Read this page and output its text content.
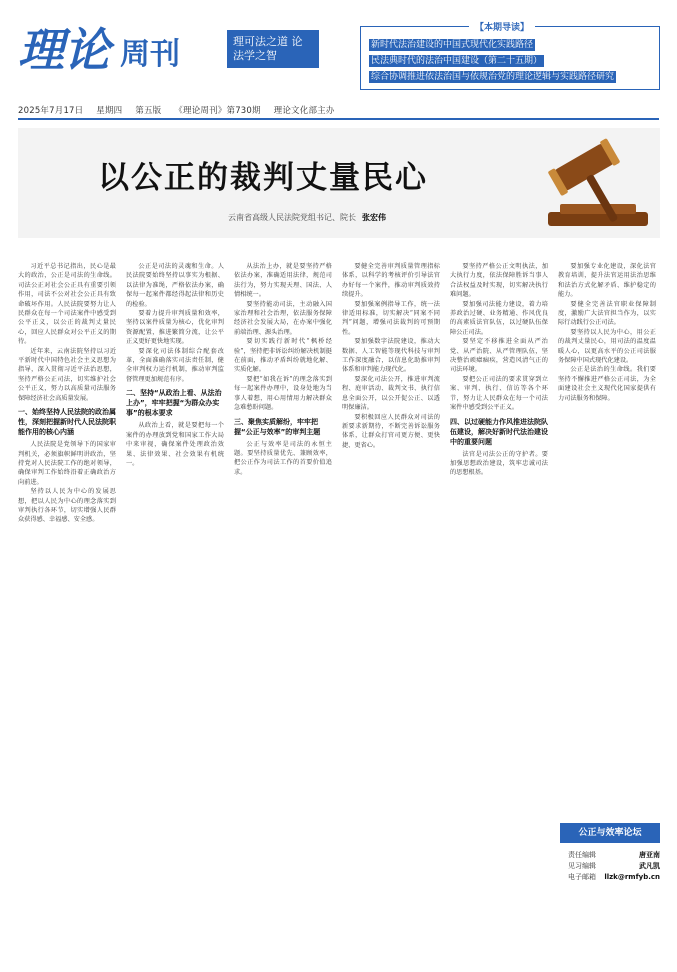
理论 周刊	理可法之道 论法学之智
【本期导读】
新时代法治建设的中国式现代化实践路径
民法典时代的法治中国建设（第二十五期）
综合协调推进依法治国与依规治党的理论逻辑与实践路径研究
2025年7月17日 星期四 第五版 《理论周刊》第730期 理论文化部主办
以公正的裁判丈量民心
云南省高级人民法院党组书记、院长 张宏伟

习近平总书记指出，民心是最大的政治，公正是司法的生命线。司法公正对社会公正具有重要引领作用，司法不公对社会公正具有致命破坏作用。人民法院要努力让人民群众在每一个司法案件中感受到公平正义，以公正的裁判丈量民心，回应人民群众对公平正义的期待。

近年来，云南法院坚持以习近平新时代中国特色社会主义思想为指导，深入贯彻习近平法治思想，坚持严格公正司法，切实维护社会公平正义，努力以高质量司法服务保障经济社会高质量发展。

一、始终坚持人民法院的政治属性，深刻把握新时代人民法院职能作用的核心内涵

人民法院是党领导下的国家审判机关，必须旗帜鲜明讲政治，坚持党对人民法院工作的绝对领导，确保审判工作始终沿着正确政治方向前进。

坚持以人民为中心的发展思想，把以人民为中心的理念落实到审判执行各环节，切实增强人民群众获得感、幸福感、安全感。

公正是司法的灵魂和生命。人民法院要始终坚持以事实为根据、以法律为准绳，严格依法办案，确保每一起案件都经得起法律和历史的检验。

要着力提升审判质量和效率，坚持以案件质量为核心，优化审判资源配置，推进繁简分流，让公平正义更好更快地实现。

要深化司法体制综合配套改革，全面准确落实司法责任制，健全审判权力运行机制，推动审判监督管理更加规范有序。

二、坚持“从政治上看、从法治上办”，牢牢把握“为群众办实事”的根本要求

从政治上看，就是要把每一个案件的办理放到党和国家工作大局中来审视，确保案件处理政治效果、法律效果、社会效果有机统一。

从法治上办，就是要坚持严格依法办案，准确适用法律，规范司法行为，努力实现天理、国法、人情相统一。

要坚持能动司法，主动融入国家治理和社会治理，依法服务保障经济社会发展大局，在办案中强化前端治理、源头治理。

要切实践行新时代“枫桥经验”，坚持把非诉讼纠纷解决机制挺在前面，推动矛盾纠纷就地化解、实质化解。

要把“如我在诉”的理念落实到每一起案件办理中，设身处地为当事人着想，用心用情用力解决群众急难愁盼问题。

三、聚焦实质解纷，牢牢把握“公正与效率”的审判主题

公正与效率是司法的永恒主题。要坚持质量优先、兼顾效率，把公正作为司法工作的首要价值追求。

要健全完善审判质量管理指标体系，以科学的考核评价引导法官办好每一个案件，推动审判质效持续提升。

要加强案例指导工作，统一法律适用标准，切实解决“同案不同判”问题，增强司法裁判的可预期性。

要加强数字法院建设，推动大数据、人工智能等现代科技与审判工作深度融合，以信息化助推审判体系和审判能力现代化。

要深化司法公开，推进审判流程、庭审活动、裁判文书、执行信息全面公开，以公开促公正、以透明保廉洁。

要积极回应人民群众对司法的新要求新期待，不断完善诉讼服务体系，让群众打官司更方便、更快捷、更省心。

要坚持严格公正文明执法，加大执行力度，依法保障胜诉当事人合法权益及时实现，切实解决执行难问题。

要加强司法能力建设，着力培养政治过硬、业务精通、作风优良的高素质法官队伍，以过硬队伍保障公正司法。

要坚定不移推进全面从严治党、从严治院、从严管理队伍，坚决整治顽瘴痼疾，营造风清气正的司法环境。

要把公正司法的要求贯穿到立案、审判、执行、信访等各个环节，努力让人民群众在每一个司法案件中感受到公平正义。

四、以过硬能力作风推进法院队伍建设，解决好新时代法治建设中的重要问题

法官是司法公正的守护者。要加强思想政治建设，筑牢忠诚司法的思想根基。

要加强专业化建设，深化法官教育培训，提升法官运用法治思维和法治方式化解矛盾、维护稳定的能力。

要健全完善法官职业保障制度，激励广大法官担当作为，以实际行动践行公正司法。

要坚持以人民为中心，用公正的裁判丈量民心，用司法的温度温暖人心，以更高水平的公正司法服务保障中国式现代化建设。

公正是法治的生命线。我们要坚持不懈推进严格公正司法，为全面建设社会主义现代化国家提供有力司法服务和保障。

公正与效率论坛
责任编辑	唐亚南
见习编辑	武凡凯
电子邮箱 llzk@rmfyb.cn
